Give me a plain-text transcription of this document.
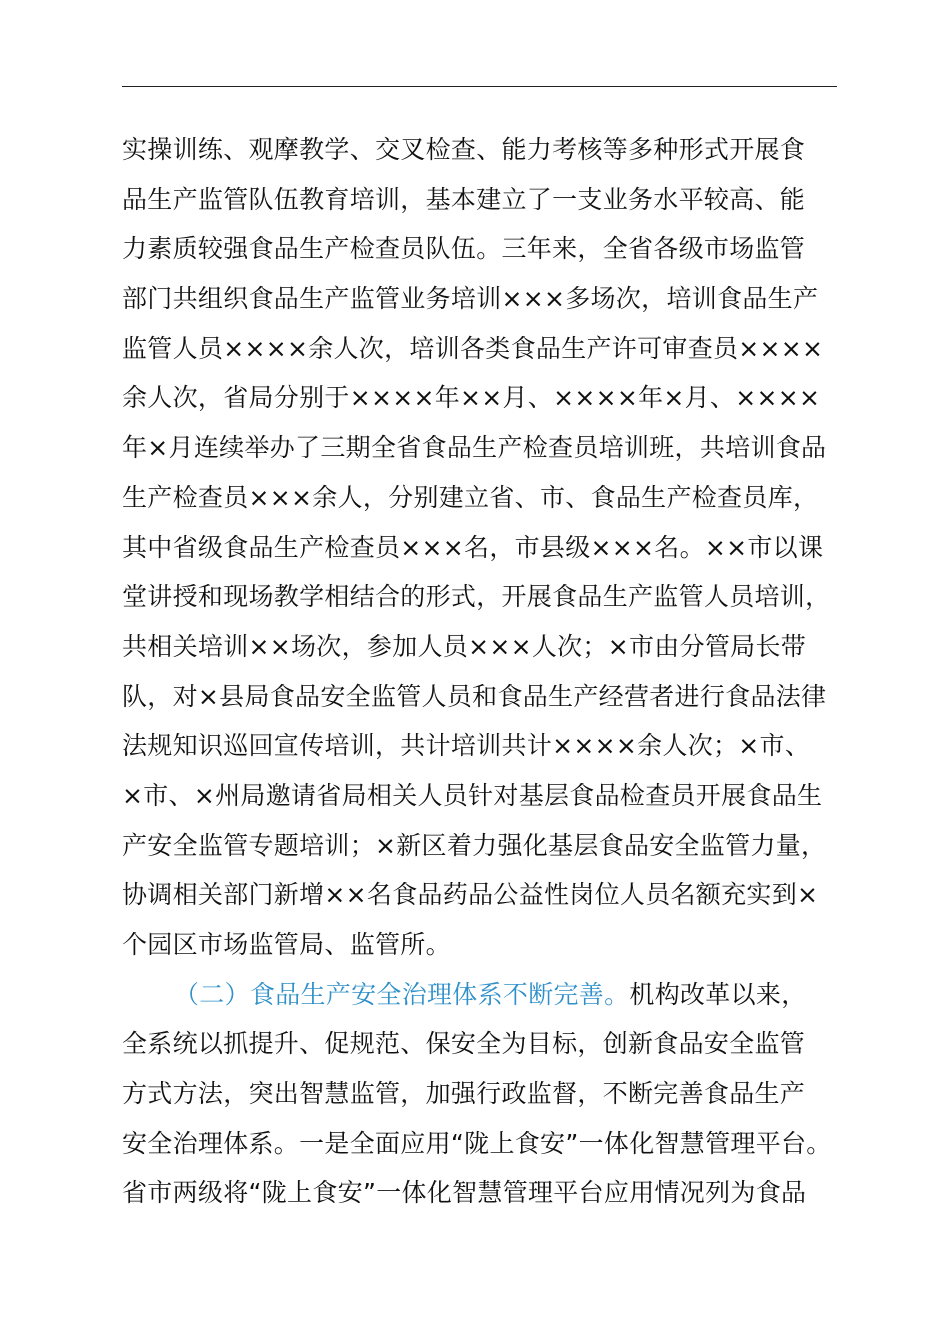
实操训练、观摩教学、交叉检查、能力考核等多种形式开展食
品生产监管队伍教育培训，基本建立了一支业务水平较高、能
力素质较强食品生产检查员队伍。三年来，全省各级市场监管
部门共组织食品生产监管业务培训×××多场次，培训食品生产
监管人员××××余人次，培训各类食品生产许可审查员××××
余人次，省局分别于××××年××月、××××年×月、××××
年×月连续举办了三期全省食品生产检查员培训班，共培训食品
生产检查员×××余人，分别建立省、市、食品生产检查员库，
其中省级食品生产检查员×××名，市县级×××名。××市以课
堂讲授和现场教学相结合的形式，开展食品生产监管人员培训，
共相关培训××场次，参加人员×××人次；×市由分管局长带
队，对×县局食品安全监管人员和食品生产经营者进行食品法律
法规知识巡回宣传培训，共计培训共计××××余人次；×市、
×市、×州局邀请省局相关人员针对基层食品检查员开展食品生
产安全监管专题培训；×新区着力强化基层食品安全监管力量，
协调相关部门新增××名食品药品公益性岗位人员名额充实到×
个园区市场监管局、监管所。
（二）食品生产安全治理体系不断完善。机构改革以来，
全系统以抓提升、促规范、保安全为目标，创新食品安全监管
方式方法，突出智慧监管，加强行政监督，不断完善食品生产
安全治理体系。一是全面应用“陇上食安”一体化智慧管理平台。
省市两级将“陇上食安”一体化智慧管理平台应用情况列为食品
